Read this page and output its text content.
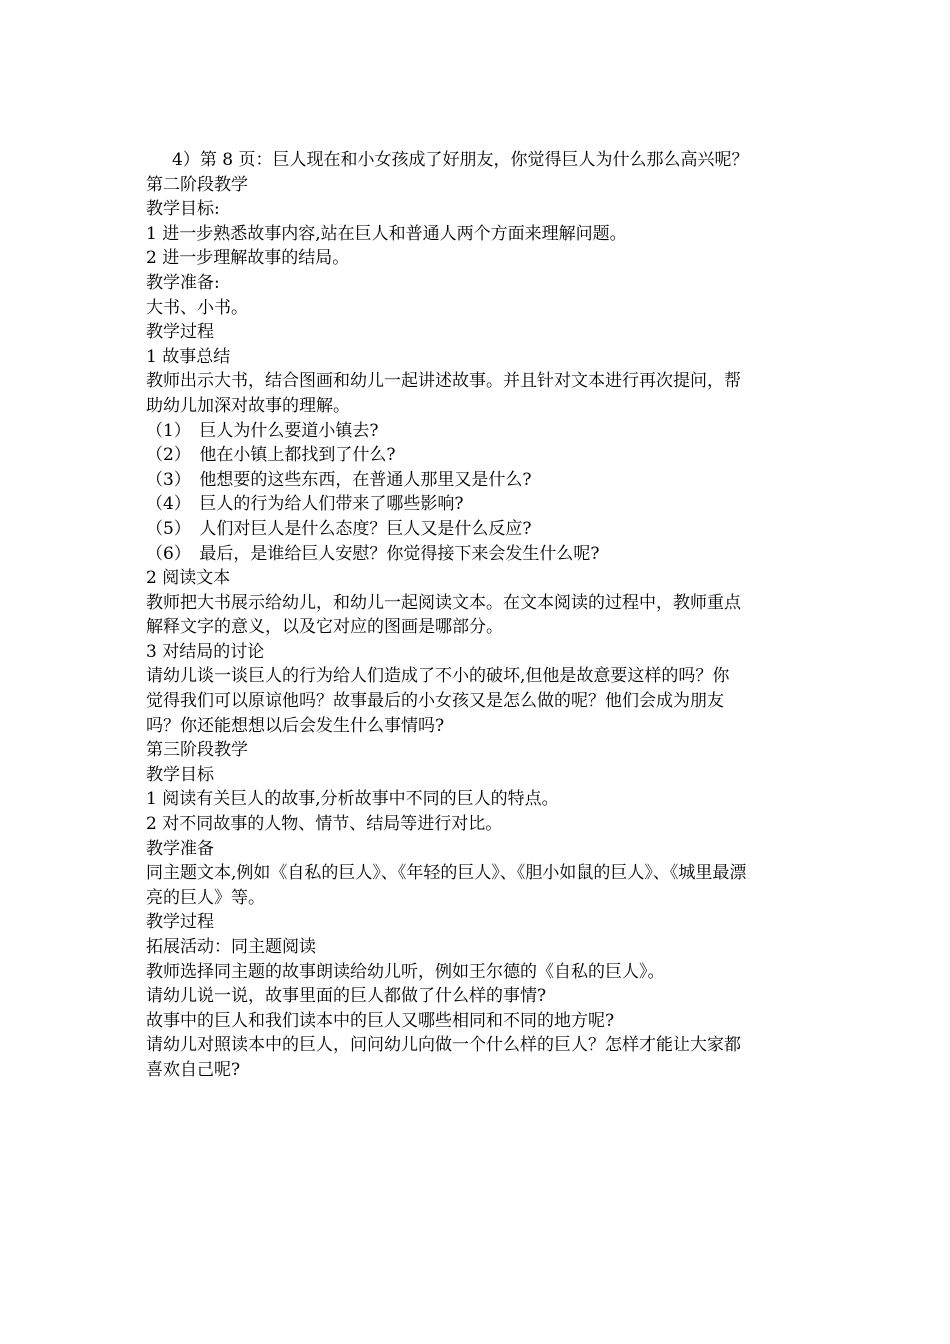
4）第 8 页：巨人现在和小女孩成了好朋友，你觉得巨人为什么那么高兴呢？
第二阶段教学
教学目标:
1 进一步熟悉故事内容,站在巨人和普通人两个方面来理解问题。
2 进一步理解故事的结局。
教学准备:
大书、小书。
教学过程
1 故事总结
教师出示大书，结合图画和幼儿一起讲述故事。并且针对文本进行再次提问，帮
助幼儿加深对故事的理解。
（1）　巨人为什么要道小镇去?
（2）　他在小镇上都找到了什么?
（3）　他想要的这些东西，在普通人那里又是什么?
（4）　巨人的行为给人们带来了哪些影响?
（5）　人们对巨人是什么态度？巨人又是什么反应?
（6）　最后，是谁给巨人安慰？你觉得接下来会发生什么呢?
2 阅读文本
教师把大书展示给幼儿，和幼儿一起阅读文本。在文本阅读的过程中，教师重点
解释文字的意义，以及它对应的图画是哪部分。
3 对结局的讨论
请幼儿谈一谈巨人的行为给人们造成了不小的破坏,但他是故意要这样的吗？你
觉得我们可以原谅他吗？故事最后的小女孩又是怎么做的呢？他们会成为朋友
吗？你还能想想以后会发生什么事情吗?
第三阶段教学
教学目标
1 阅读有关巨人的故事,分析故事中不同的巨人的特点。
2 对不同故事的人物、情节、结局等进行对比。
教学准备
同主题文本,例如《自私的巨人》、《年轻的巨人》、《胆小如鼠的巨人》、《城里最漂
亮的巨人》等。
教学过程
拓展活动：同主题阅读
教师选择同主题的故事朗读给幼儿听，例如王尔德的《自私的巨人》。
请幼儿说一说，故事里面的巨人都做了什么样的事情?
故事中的巨人和我们读本中的巨人又哪些相同和不同的地方呢?
请幼儿对照读本中的巨人，问问幼儿向做一个什么样的巨人？怎样才能让大家都
喜欢自己呢?
